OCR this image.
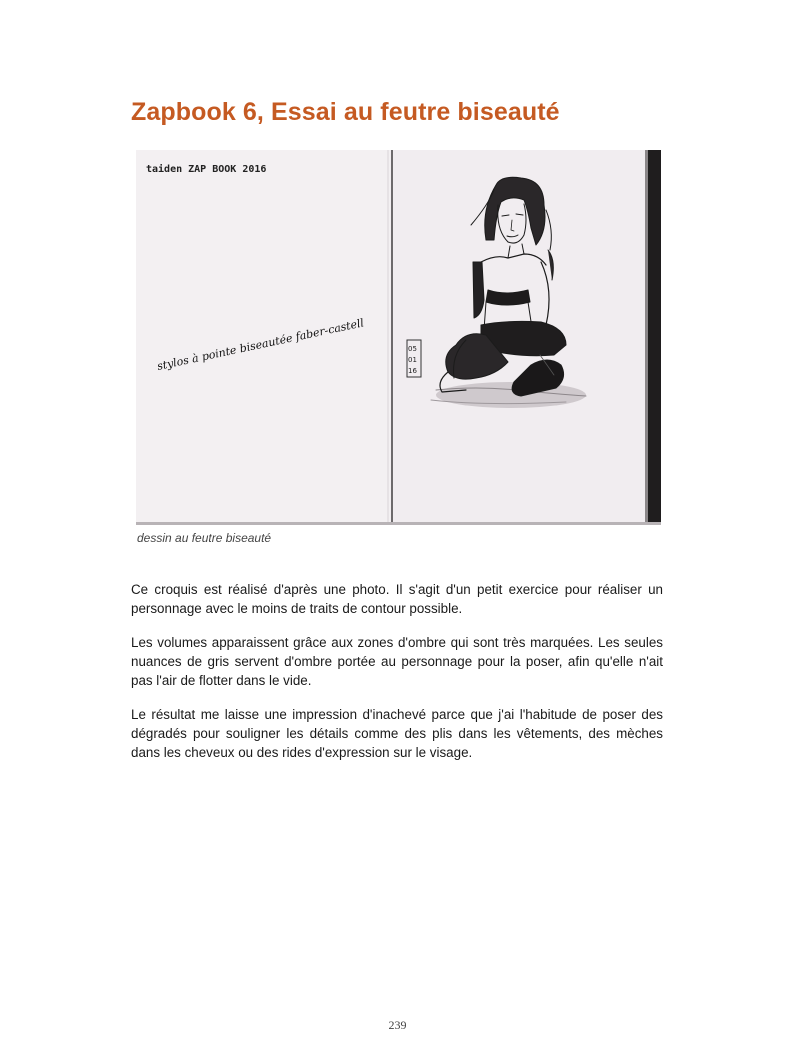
Zapbook 6, Essai au feutre biseauté
taiden ZAP BOOK 2016
stylos à pointe biseautée faber-castell	05
01
16
dessin au feutre biseauté

Ce croquis est réalisé d'après une photo. Il s'agit d'un petit exercice pour réaliser un personnage avec le moins de traits de contour possible.

Les volumes apparaissent grâce aux zones d'ombre qui sont très marquées. Les seules nuances de gris servent d'ombre portée au personnage pour la poser, afin qu'elle n'ait pas l'air de flotter dans le vide.

Le résultat me laisse une impression d'inachevé parce que j'ai l'habitude de poser des dégradés pour souligner les détails comme des plis dans les vêtements, des mèches dans les cheveux ou des rides d'expression sur le visage.

239
